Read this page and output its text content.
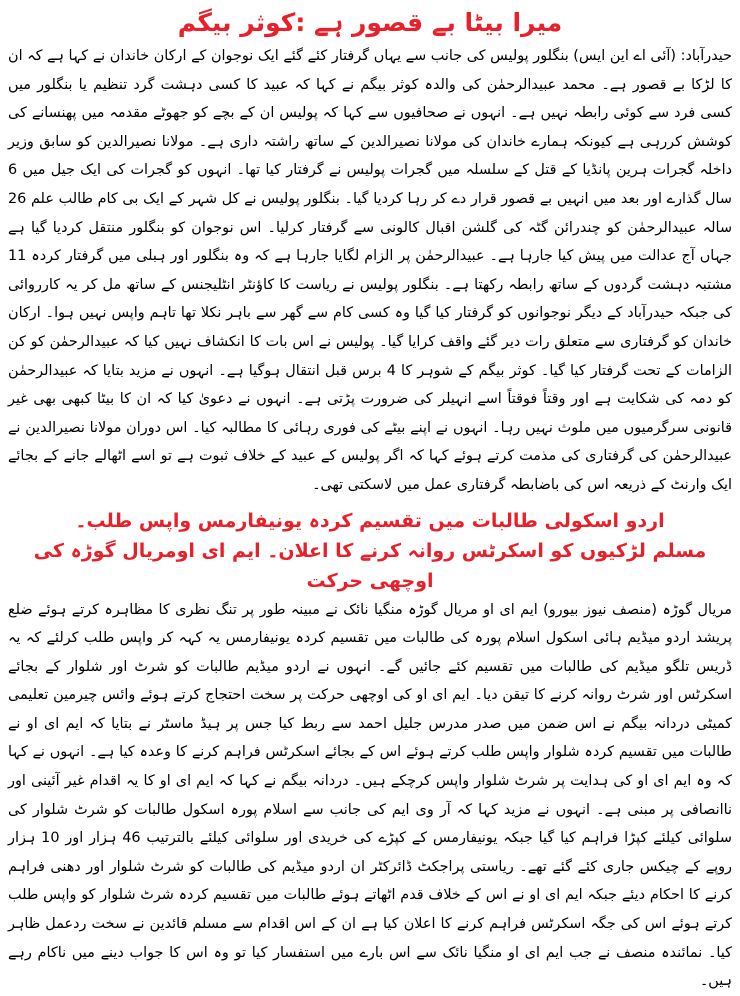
میرا بیٹا بے قصور ہے :کوثر بیگم

حیدرآباد: (آئی اے این ایس) بنگلور پولیس کی جانب سے یہاں گرفتار کئے گئے ایک نوجوان کے ارکان خاندان نے کہا ہے کہ ان کا لڑکا بے قصور ہے۔ محمد عبیدالرحمٰن کی والدہ کوثر بیگم نے کہا کہ عبید کا کسی دہشت گرد تنظیم یا بنگلور میں کسی فرد سے کوئی رابطہ نہیں ہے۔ انہوں نے صحافیوں سے کہا کہ پولیس ان کے بچے کو جھوٹے مقدمہ میں پھنسانے کی کوشش کررہی ہے کیونکہ ہمارے خاندان کی مولانا نصیرالدین کے ساتھ راشتہ داری ہے۔ مولانا نصیرالدین کو سابق وزیر داخلہ گجرات ہرین پانڈیا کے قتل کے سلسلہ میں گجرات پولیس نے گرفتار کیا تھا۔ انہوں کو گجرات کی ایک جیل میں 6 سال گذارے اور بعد میں انہیں بے قصور قرار دے کر رہا کردیا گیا۔ بنگلور پولیس نے کل شہر کے ایک بی کام طالب علم 26 سالہ عبیدالرحمٰن کو چندرائن گٹہ کی گلشن اقبال کالونی سے گرفتار کرلیا۔ اس نوجوان کو بنگلور منتقل کردیا گیا ہے جہاں آج عدالت میں پیش کیا جارہا ہے۔ عبیدالرحمٰن پر الزام لگایا جارہا ہے کہ وہ بنگلور اور ہبلی میں گرفتار کردہ 11 مشتبہ دہشت گردوں کے ساتھ رابطہ رکھتا ہے۔ بنگلور پولیس نے ریاست کا کاؤنٹر انٹلیجنس کے ساتھ مل کر یہ کارروائی کی جبکہ حیدرآباد کے دیگر نوجوانوں کو گرفتار کیا گیا وہ کسی کام سے گھر سے باہر نکلا تھا تاہم واپس نہیں ہوا۔ ارکان خاندان کو گرفتاری سے متعلق رات دیر گئے واقف کرایا گیا۔ پولیس نے اس بات کا انکشاف نہیں کیا کہ عبیدالرحمٰن کو کن الزامات کے تحت گرفتار کیا گیا۔ کوثر بیگم کے شوہر کا 4 برس قبل انتقال ہوگیا ہے۔ انہوں نے مزید بتایا کہ عبیدالرحمٰن کو دمہ کی شکایت ہے اور وقتاً فوقتاً اسے انہیلر کی ضرورت پڑتی ہے۔ انہوں نے دعویٰ کیا کہ ان کا بیٹا کبھی بھی غیر قانونی سرگرمیوں میں ملوث نہیں رہا۔ انہوں نے اپنے بیٹے کی فوری رہائی کا مطالبہ کیا۔ اس دوران مولانا نصیرالدین نے عبیدالرحمٰن کی گرفتاری کی مذمت کرتے ہوئے کہا کہ اگر پولیس کے عبید کے خلاف ثبوت ہے تو اسے اٹھالے جانے کے بجائے ایک وارنٹ کے ذریعہ اس کی باضابطہ گرفتاری عمل میں لاسکتی تھی۔

اردو اسکولی طالبات میں تقسیم کردہ یونیفارمس واپس طلب۔
مسلم لڑکیوں کو اسکرٹس روانہ کرنے کا اعلان۔ ایم ای اومریال گوڑہ کی اوچھی حرکت

مریال گوڑہ (منصف نیوز بیورو) ایم ای او مریال گوڑہ منگیا نائک نے مبینہ طور پر تنگ نظری کا مظاہرہ کرتے ہوئے ضلع پریشد اردو میڈیم ہائی اسکول اسلام پورہ کی طالبات میں تقسیم کردہ یونیفارمس یہ کہہ کر واپس طلب کرلئے کہ یہ ڈریس تلگو میڈیم کی طالبات میں تقسیم کئے جائیں گے۔ انہوں نے اردو میڈیم طالبات کو شرٹ اور شلوار کے بجائے اسکرٹس اور شرٹ روانہ کرنے کا تیقن دیا۔ ایم ای او کی اوچھی حرکت پر سخت احتجاج کرتے ہوئے وائس چیرمین تعلیمی کمیٹی دردانہ بیگم نے اس ضمن میں صدر مدرس جلیل احمد سے ربط کیا جس پر ہیڈ ماسٹر نے بتایا کہ ایم ای او نے طالبات میں تقسیم کردہ شلوار واپس طلب کرتے ہوئے اس کے بجائے اسکرٹس فراہم کرنے کا وعدہ کیا ہے۔ انہوں نے کہا کہ وہ ایم ای او کی ہدایت پر شرٹ شلوار واپس کرچکے ہیں۔ دردانہ بیگم نے کہا کہ ایم ای او کا یہ اقدام غیر آئینی اور ناانصافی پر مبنی ہے۔ انہوں نے مزید کہا کہ آر وی ایم کی جانب سے اسلام پورہ اسکول طالبات کو شرٹ شلوار کی سلوائی کیلئے کپڑا فراہم کیا گیا جبکہ یونیفارمس کے کپڑے کی خریدی اور سلوائی کیلئے بالترتیب 46 ہزار اور 10 ہزار روپے کے چیکس جاری کئے گئے تھے۔ ریاستی پراجکٹ ڈائرکٹر ان اردو میڈیم کی طالبات کو شرٹ شلوار اور دھنی فراہم کرنے کا احکام دیئے جبکہ ایم ای او نے اس کے خلاف قدم اٹھاتے ہوئے طالبات میں تقسیم کردہ شرٹ شلوار کو واپس طلب کرتے ہوئے اس کی جگہ اسکرٹس فراہم کرنے کا اعلان کیا ہے ان کے اس اقدام سے مسلم قائدین نے سخت ردعمل ظاہر کیا۔ نمائندہ منصف نے جب ایم ای او منگیا نائک سے اس بارے میں استفسار کیا تو وہ اس کا جواب دینے میں ناکام رہے ہیں۔
